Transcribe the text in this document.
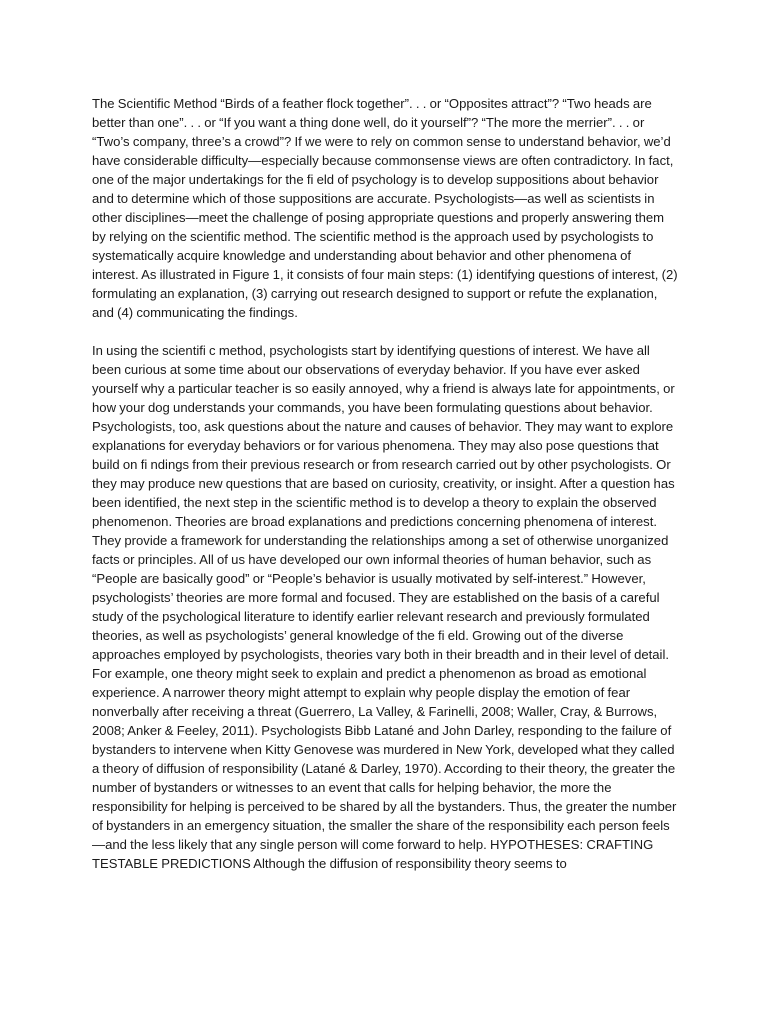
The Scientific Method “Birds of a feather flock together”. . . or “Opposites attract”? “Two heads are better than one”. . . or “If you want a thing done well, do it yourself”? “The more the merrier”. . . or “Two’s company, three’s a crowd”? If we were to rely on common sense to understand behavior, we’d have considerable difficulty—especially because commonsense views are often contradictory. In fact, one of the major undertakings for the fi eld of psychology is to develop suppositions about behavior and to determine which of those suppositions are accurate. Psychologists—as well as scientists in other disciplines—meet the challenge of posing appropriate questions and properly answering them by relying on the scientific method. The scientific method is the approach used by psychologists to systematically acquire knowledge and understanding about behavior and other phenomena of interest. As illustrated in Figure 1, it consists of four main steps: (1) identifying questions of interest, (2) formulating an explanation, (3) carrying out research designed to support or refute the explanation, and (4) communicating the findings.

In using the scientifi c method, psychologists start by identifying questions of interest. We have all been curious at some time about our observations of everyday behavior. If you have ever asked yourself why a particular teacher is so easily annoyed, why a friend is always late for appointments, or how your dog understands your commands, you have been formulating questions about behavior. Psychologists, too, ask questions about the nature and causes of behavior. They may want to explore explanations for everyday behaviors or for various phenomena. They may also pose questions that build on fi ndings from their previous research or from research carried out by other psychologists. Or they may produce new questions that are based on curiosity, creativity, or insight. After a question has been identified, the next step in the scientific method is to develop a theory to explain the observed phenomenon. Theories are broad explanations and predictions concerning phenomena of interest. They provide a framework for understanding the relationships among a set of otherwise unorganized facts or principles. All of us have developed our own informal theories of human behavior, such as “People are basically good” or “People’s behavior is usually motivated by self-interest.” However, psychologists’ theories are more formal and focused. They are established on the basis of a careful study of the psychological literature to identify earlier relevant research and previously formulated theories, as well as psychologists’ general knowledge of the fi eld. Growing out of the diverse approaches employed by psychologists, theories vary both in their breadth and in their level of detail. For example, one theory might seek to explain and predict a phenomenon as broad as emotional experience. A narrower theory might attempt to explain why people display the emotion of fear nonverbally after receiving a threat (Guerrero, La Valley, & Farinelli, 2008; Waller, Cray, & Burrows, 2008; Anker & Feeley, 2011). Psychologists Bibb Latané and John Darley, responding to the failure of bystanders to intervene when Kitty Genovese was murdered in New York, developed what they called a theory of diffusion of responsibility (Latané & Darley, 1970). According to their theory, the greater the number of bystanders or witnesses to an event that calls for helping behavior, the more the responsibility for helping is perceived to be shared by all the bystanders. Thus, the greater the number of bystanders in an emergency situation, the smaller the share of the responsibility each person feels—and the less likely that any single person will come forward to help. HYPOTHESES: CRAFTING TESTABLE PREDICTIONS Although the diffusion of responsibility theory seems to
